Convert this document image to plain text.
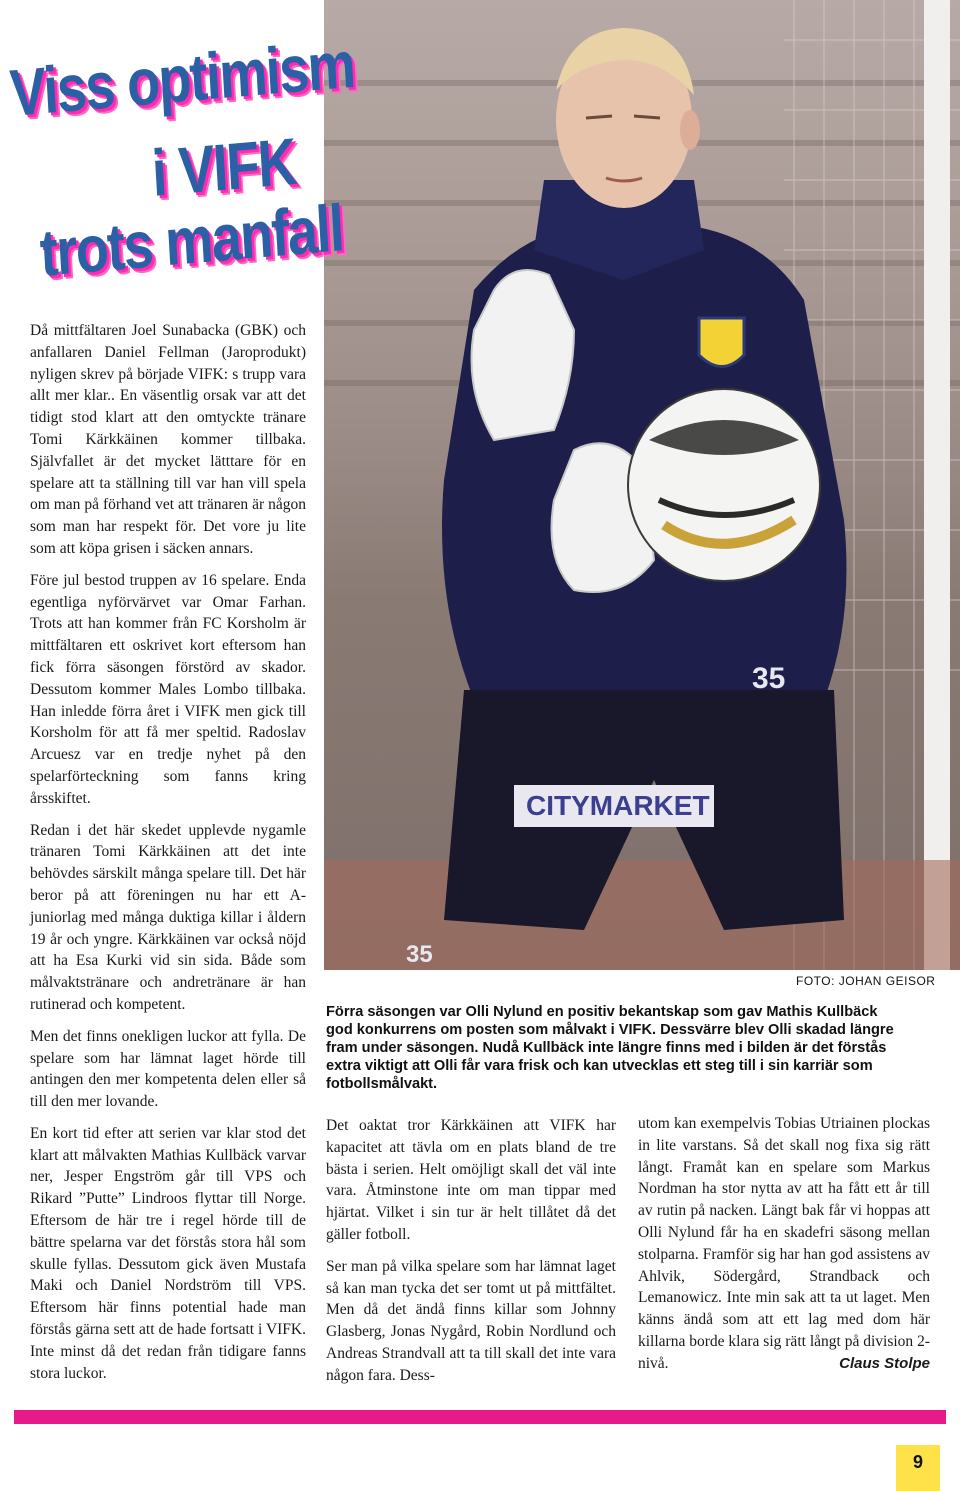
CITYMARKET
35
35
FOTO: JOHAN GEISOR
Viss optimism
i VIFK
trots manfall

Då mittfältaren Joel Sunabacka (GBK) och anfallaren Daniel Fellman (Jaroprodukt) nyligen skrev på började VIFK: s trupp vara allt mer klar.. En väsentlig orsak var att det tidigt stod klart att den omtyckte tränare Tomi Kärkkäinen kommer tillbaka. Självfallet är det mycket lätttare för en spelare att ta ställning till var han vill spela om man på förhand vet att tränaren är någon som man har respekt för. Det vore ju lite som att köpa grisen i säcken annars.

Före jul bestod truppen av 16 spelare. Enda egentliga nyförvärvet var Omar Farhan. Trots att han kommer från FC Korsholm är mittfältaren ett oskrivet kort eftersom han fick förra säsongen förstörd av skador. Dessutom kommer Males Lombo tillbaka. Han inledde förra året i VIFK men gick till Korsholm för att få mer speltid. Radoslav Arcuesz var en tredje nyhet på den spelarförteckning som fanns kring årsskiftet.

Redan i det här skedet upplevde nygamle tränaren Tomi Kärkkäinen att det inte behövdes särskilt många spelare till. Det här beror på att föreningen nu har ett A-juniorlag med många duktiga killar i åldern 19 år och yngre. Kärkkäinen var också nöjd att ha Esa Kurki vid sin sida. Både som målvaktstränare och andretränare är han rutinerad och kompetent.

Men det finns onekligen luckor att fylla. De spelare som har lämnat laget hörde till antingen den mer kompetenta delen eller så till den mer lovande.

En kort tid efter att serien var klar stod det klart att målvakten Mathias Kullbäck varvar ner, Jesper Engström går till VPS och Rikard ”Putte” Lindroos flyttar till Norge. Eftersom de här tre i regel hörde till de bättre spelarna var det förstås stora hål som skulle fyllas. Dessutom gick även Mustafa Maki och Daniel Nordström till VPS. Eftersom här finns potential hade man förstås gärna sett att de hade fortsatt i VIFK. Inte minst då det redan från tidigare fanns stora luckor.

Förra säsongen var Olli Nylund en positiv bekantskap som gav Mathis Kullbäck god konkurrens om posten som målvakt i VIFK. Dessvärre blev Olli skadad längre fram under säsongen. Nudå Kullbäck inte längre finns med i bilden är det förstås extra viktigt att Olli får vara frisk och kan utvecklas ett steg till i sin karriär som fotbollsmålvakt.

Det oaktat tror Kärkkäinen att VIFK har kapacitet att tävla om en plats bland de tre bästa i serien. Helt omöjligt skall det väl inte vara. Åtminstone inte om man tippar med hjärtat. Vilket i sin tur är helt tillåtet då det gäller fotboll.

Ser man på vilka spelare som har lämnat laget så kan man tycka det ser tomt ut på mittfältet. Men då det ändå finns killar som Johnny Glasberg, Jonas Nygård, Robin Nordlund och Andreas Strandvall att ta till skall det inte vara någon fara. Dess-

utom kan exempelvis Tobias Utriainen plockas in lite varstans. Så det skall nog fixa sig rätt långt. Framåt kan en spelare som Markus Nordman ha stor nytta av att ha fått ett år till av rutin på nacken. Längt bak får vi hoppas att Olli Nylund får ha en skadefri säsong mellan stolparna. Framför sig har han god assistens av Ahlvik, Södergård, Strandback och Lemanowicz. Inte min sak att ta ut laget. Men känns ändå som att ett lag med dom här killarna borde klara sig rätt långt på division 2-nivå.	Claus Stolpe

9
